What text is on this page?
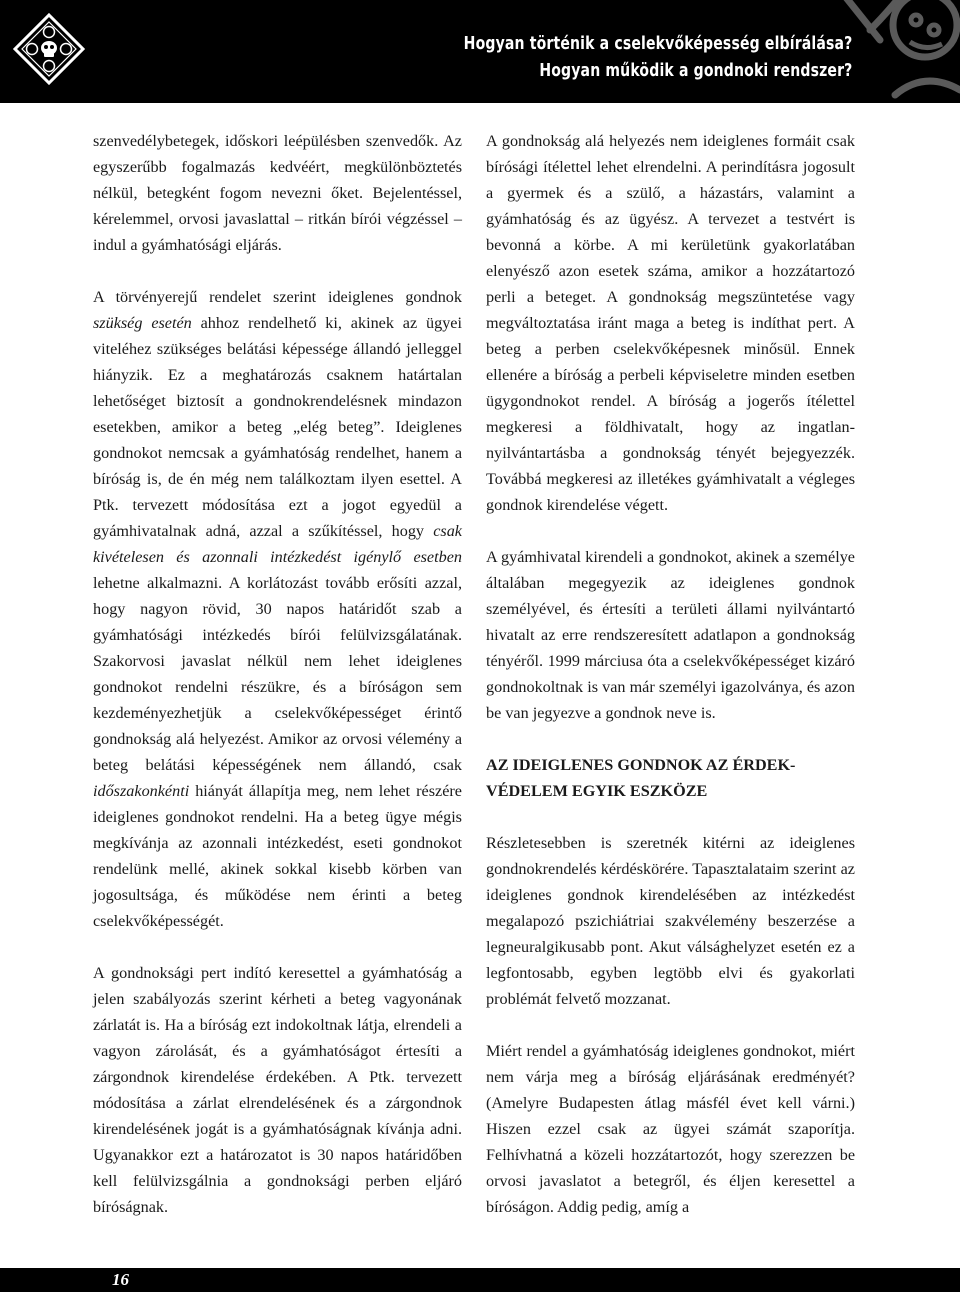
Hogyan történik a cselekvőképesség elbírálása?
Hogyan működik a gondnoki rendszer?

szenvedélybetegek, időskori leépülésben szenvedők. Az egyszerűbb fogalmazás kedvéért, megkülönböztetés nélkül, betegként fogom nevezni őket. Bejelentéssel, kérelemmel, orvosi javaslattal – ritkán bírói végzéssel – indul a gyámhatósági eljárás.

A törvényerejű rendelet szerint ideiglenes gondnok szükség esetén ahhoz rendelhető ki, akinek az ügyei viteléhez szükséges belátási képessége állandó jelleggel hiányzik. Ez a meghatározás csaknem határtalan lehetőséget biztosít a gondnokrendelésnek mindazon esetekben, amikor a beteg „elég beteg”. Ideiglenes gondnokot nemcsak a gyámhatóság rendelhet, hanem a bíróság is, de én még nem találkoztam ilyen esettel. A Ptk. tervezett módosítása ezt a jogot egyedül a gyámhivatalnak adná, azzal a szűkítéssel, hogy csak kivételesen és azonnali intézkedést igénylő esetben lehetne alkalmazni. A korlátozást tovább erősíti azzal, hogy nagyon rövid, 30 napos határidőt szab a gyámhatósági intézkedés bírói felülvizsgálatának. Szakorvosi javaslat nélkül nem lehet ideiglenes gondnokot rendelni részükre, és a bíróságon sem kezdeményezhetjük a cselekvőképességet érintő gondnokság alá helyezést. Amikor az orvosi vélemény a beteg belátási képességének nem állandó, csak időszakonkénti hiányát állapítja meg, nem lehet részére ideiglenes gondnokot rendelni. Ha a beteg ügye mégis megkívánja az azonnali intézkedést, eseti gondnokot rendelünk mellé, akinek sokkal kisebb körben van jogosultsága, és működése nem érinti a beteg cselekvőképességét.

A gondnoksági pert indító keresettel a gyámhatóság a jelen szabályozás szerint kérheti a beteg vagyonának zárlatát is. Ha a bíróság ezt indokoltnak látja, elrendeli a vagyon zárolását, és a gyámhatóságot értesíti a zárgondnok kirendelése érdekében. A Ptk. tervezett módosítása a zárlat elrendelésének és a zárgondnok kirendelésének jogát is a gyámhatóságnak kívánja adni. Ugyanakkor ezt a határozatot is 30 napos határidőben kell felülvizsgálnia a gondnoksági perben eljáró bíróságnak.

A gondnokság alá helyezés nem ideiglenes formáit csak bírósági ítélettel lehet elrendelni. A perindításra jogosult a gyermek és a szülő, a házastárs, valamint a gyámhatóság és az ügyész. A tervezet a testvért is bevonná a körbe. A mi kerületünk gyakorlatában elenyésző azon esetek száma, amikor a hozzátartozó perli a beteget. A gondnokság megszüntetése vagy megváltoztatása iránt maga a beteg is indíthat pert. A beteg a perben cselekvőképesnek minősül. Ennek ellenére a bíróság a perbeli képviseletre minden esetben ügygondnokot rendel. A bíróság a jogerős ítélettel megkeresi a földhivatalt, hogy az ingatlan-nyilvántartásba a gondnokság tényét bejegyezzék. Továbbá megkeresi az illetékes gyámhivatalt a végleges gondnok kirendelése végett.

A gyámhivatal kirendeli a gondnokot, akinek a személye általában megegyezik az ideiglenes gondnok személyével, és értesíti a területi állami nyilvántartó hivatalt az erre rendszeresített adatlapon a gondnokság tényéről. 1999 márciusa óta a cselekvőképességet kizáró gondnokoltnak is van már személyi igazolványa, és azon be van jegyezve a gondnok neve is.

AZ IDEIGLENES GONDNOK AZ ÉRDEK-
VÉDELEM EGYIK ESZKÖZE

Részletesebben is szeretnék kitérni az ideiglenes gondnokrendelés kérdéskörére. Tapasztalataim szerint az ideiglenes gondnok kirendelésében az intézkedést megalapozó pszichiátriai szakvélemény beszerzése a legneuralgikusabb pont. Akut válsághelyzet esetén ez a legfontosabb, egyben legtöbb elvi és gyakorlati problémát felvető mozzanat.

Miért rendel a gyámhatóság ideiglenes gondnokot, miért nem várja meg a bíróság eljárásának eredményét? (Amelyre Budapesten átlag másfél évet kell várni.) Hiszen ezzel csak az ügyei számát szaporítja. Felhívhatná a közeli hozzátartozót, hogy szerezzen be orvosi javaslatot a betegről, és éljen keresettel a bíróságon. Addig pedig, amíg a

16
